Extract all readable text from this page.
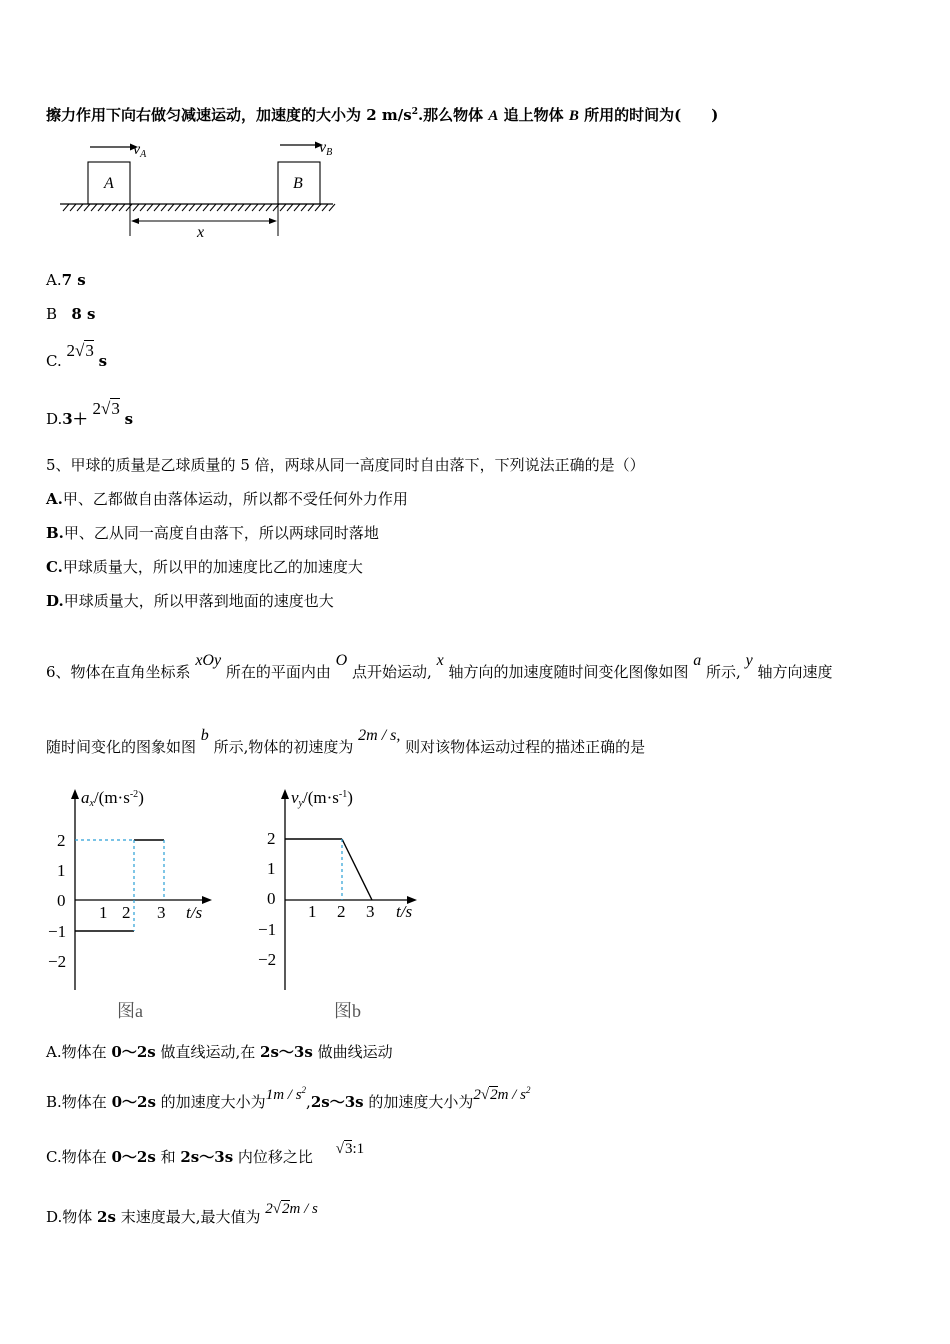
擦力作用下向右做匀减速运动，加速度的大小为 2 $m/s^2$.那么物体 A 追上物体 B 所用的时间为(　　)
vA	vB
A	B
x
A.7 s
B 8 s
C. 2√3 s
D.3＋ 2√3 s
5、甲球的质量是乙球质量的 5 倍，两球从同一高度同时自由落下，下列说法正确的是（）
A.甲、乙都做自由落体运动，所以都不受任何外力作用
B.甲、乙从同一高度自由落下，所以两球同时落地
C.甲球质量大，所以甲的加速度比乙的加速度大
D.甲球质量大，所以甲落到地面的速度也大
6、物体在直角坐标系 xOy 所在的平面内由 O 点开始运动, x 轴方向的加速度随时间变化图像如图 a 所示, y 轴方向速度
随时间变化的图象如图 b 所示,物体的初速度为 2m / s, 则对该物体运动过程的描述正确的是
$ax/(m\cdot s^{-2})$
2
1
0
−1
−2
1 2 3 t/s
图a
$vy/(m\cdot s^{-1})$
2
1
0
−1
−2
1 2 3 t/s
图b
A.物体在 0～2s 做直线运动,在 2s～3s 做曲线运动
B.物体在 0～2s 的加速度大小为$1m / s^2,2s\sim 3s$ 的加速度大小为$2√2m / s^2$
C.物体在 0～2s 和 2s～3s 内位移之比 √3:1
D.物体 2s 末速度最大,最大值为 2√2m / s
